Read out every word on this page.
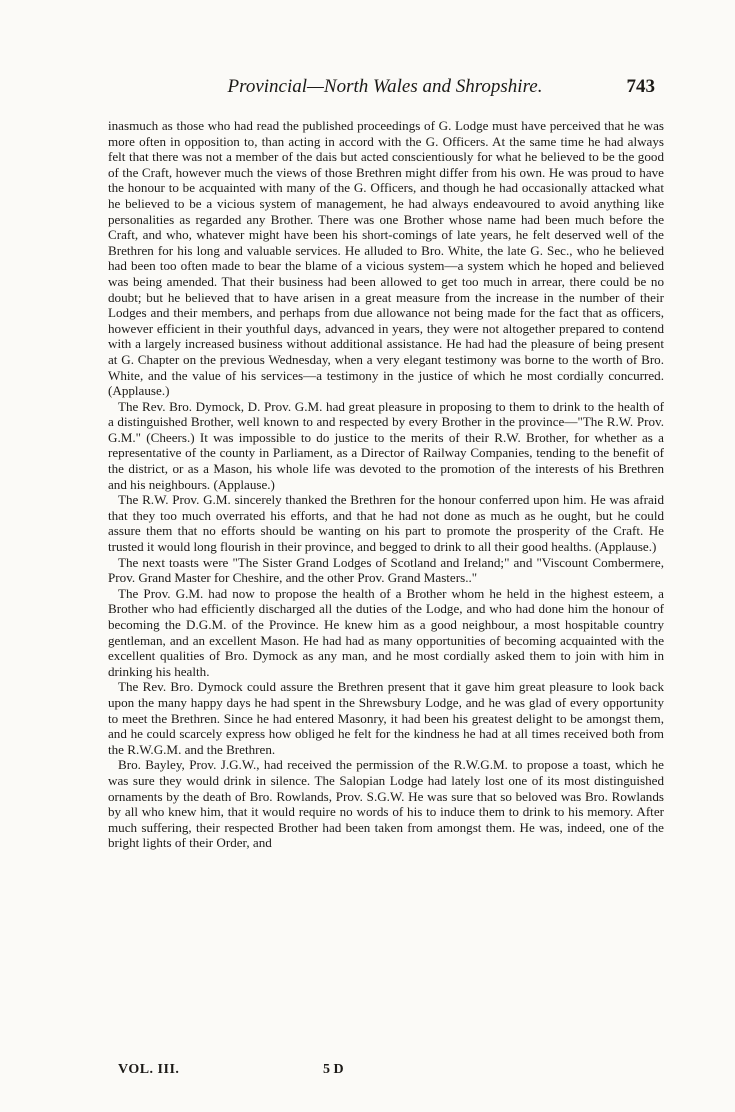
Provincial—North Wales and Shropshire.	743

inasmuch as those who had read the published proceedings of G. Lodge must have perceived that he was more often in opposition to, than acting in accord with the G. Officers. At the same time he had always felt that there was not a member of the dais but acted conscientiously for what he believed to be the good of the Craft, however much the views of those Brethren might differ from his own. He was proud to have the honour to be acquainted with many of the G. Officers, and though he had occasionally attacked what he believed to be a vicious system of management, he had always endeavoured to avoid anything like personalities as regarded any Brother. There was one Brother whose name had been much before the Craft, and who, whatever might have been his short-comings of late years, he felt deserved well of the Brethren for his long and valuable services. He alluded to Bro. White, the late G. Sec., who he believed had been too often made to bear the blame of a vicious system—a system which he hoped and believed was being amended. That their business had been allowed to get too much in arrear, there could be no doubt; but he believed that to have arisen in a great measure from the increase in the number of their Lodges and their members, and perhaps from due allowance not being made for the fact that as officers, however efficient in their youthful days, advanced in years, they were not altogether prepared to contend with a largely increased business without additional assistance. He had had the pleasure of being present at G. Chapter on the previous Wednesday, when a very elegant testimony was borne to the worth of Bro. White, and the value of his services—a testimony in the justice of which he most cordially concurred. (Applause.)

The Rev. Bro. Dymock, D. Prov. G.M. had great pleasure in proposing to them to drink to the health of a distinguished Brother, well known to and respected by every Brother in the province—"The R.W. Prov. G.M." (Cheers.) It was impossible to do justice to the merits of their R.W. Brother, for whether as a representative of the county in Parliament, as a Director of Railway Companies, tending to the benefit of the district, or as a Mason, his whole life was devoted to the promotion of the interests of his Brethren and his neighbours. (Applause.)

The R.W. Prov. G.M. sincerely thanked the Brethren for the honour conferred upon him. He was afraid that they too much overrated his efforts, and that he had not done as much as he ought, but he could assure them that no efforts should be wanting on his part to promote the prosperity of the Craft. He trusted it would long flourish in their province, and begged to drink to all their good healths. (Applause.)

The next toasts were "The Sister Grand Lodges of Scotland and Ireland;" and "Viscount Combermere, Prov. Grand Master for Cheshire, and the other Prov. Grand Masters.."

The Prov. G.M. had now to propose the health of a Brother whom he held in the highest esteem, a Brother who had efficiently discharged all the duties of the Lodge, and who had done him the honour of becoming the D.G.M. of the Province. He knew him as a good neighbour, a most hospitable country gentleman, and an excellent Mason. He had had as many opportunities of becoming acquainted with the excellent qualities of Bro. Dymock as any man, and he most cordially asked them to join with him in drinking his health.

The Rev. Bro. Dymock could assure the Brethren present that it gave him great pleasure to look back upon the many happy days he had spent in the Shrewsbury Lodge, and he was glad of every opportunity to meet the Brethren. Since he had entered Masonry, it had been his greatest delight to be amongst them, and he could scarcely express how obliged he felt for the kindness he had at all times received both from the R.W.G.M. and the Brethren.

Bro. Bayley, Prov. J.G.W., had received the permission of the R.W.G.M. to propose a toast, which he was sure they would drink in silence. The Salopian Lodge had lately lost one of its most distinguished ornaments by the death of Bro. Rowlands, Prov. S.G.W. He was sure that so beloved was Bro. Rowlands by all who knew him, that it would require no words of his to induce them to drink to his memory. After much suffering, their respected Brother had been taken from amongst them. He was, indeed, one of the bright lights of their Order, and

VOL. III.	5 D
